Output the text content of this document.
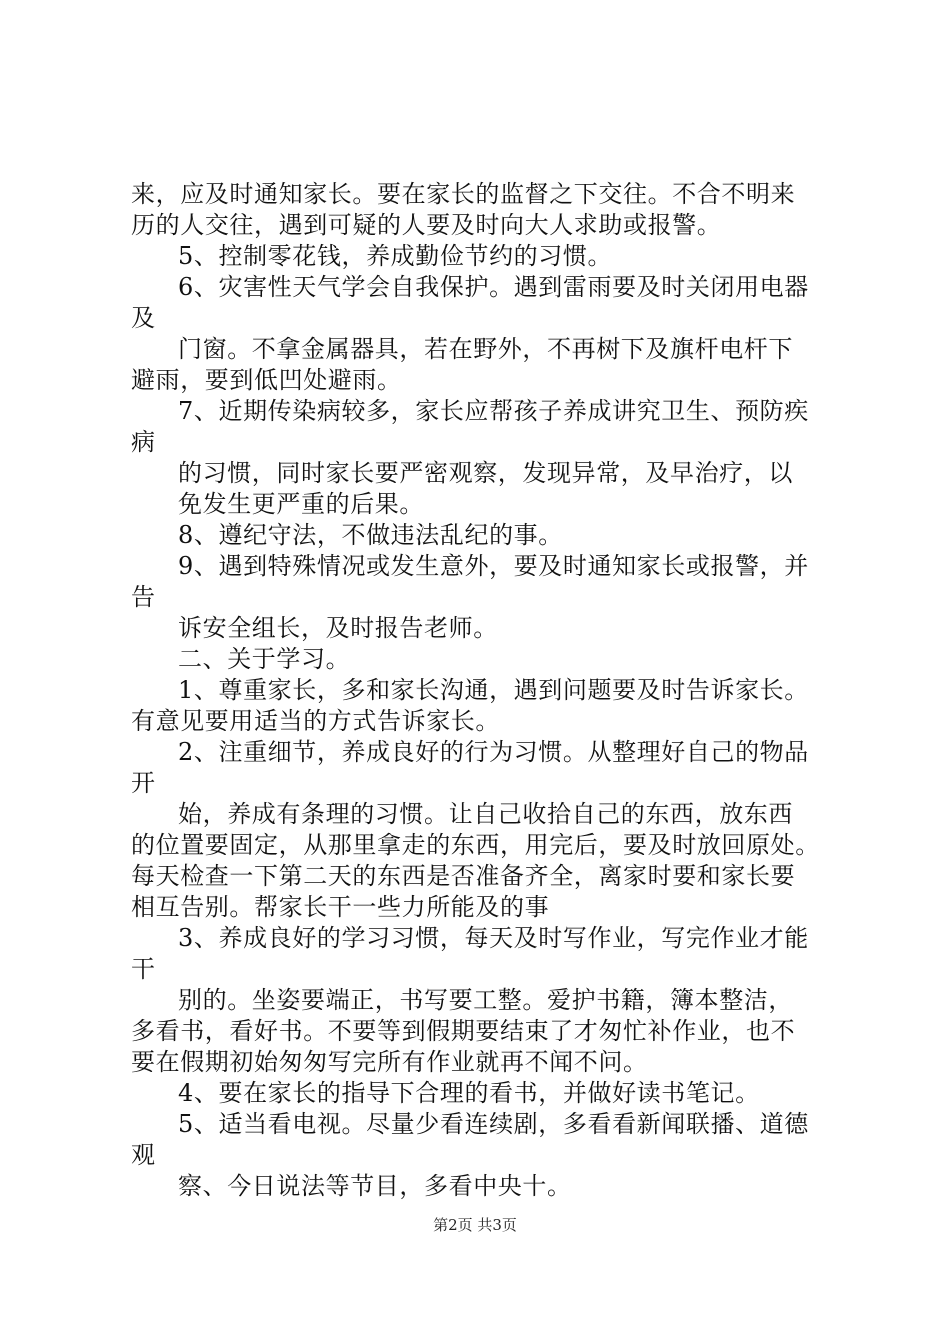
来，应及时通知家长。要在家长的监督之下交往。不合不明来
历的人交往，遇到可疑的人要及时向大人求助或报警。
5、控制零花钱，养成勤俭节约的习惯。
6、灾害性天气学会自我保护。遇到雷雨要及时关闭用电器
及
门窗。不拿金属器具，若在野外，不再树下及旗杆电杆下
避雨，要到低凹处避雨。
7、近期传染病较多，家长应帮孩子养成讲究卫生、预防疾
病
的习惯，同时家长要严密观察，发现异常，及早治疗，以
免发生更严重的后果。
8、遵纪守法，不做违法乱纪的事。
9、遇到特殊情况或发生意外，要及时通知家长或报警，并
告
诉安全组长，及时报告老师。
二、关于学习。
1、尊重家长，多和家长沟通，遇到问题要及时告诉家长。
有意见要用适当的方式告诉家长。
2、注重细节，养成良好的行为习惯。从整理好自己的物品
开
始，养成有条理的习惯。让自己收拾自己的东西，放东西
的位置要固定，从那里拿走的东西，用完后，要及时放回原处。
每天检查一下第二天的东西是否准备齐全，离家时要和家长要
相互告别。帮家长干一些力所能及的事
3、养成良好的学习习惯，每天及时写作业，写完作业才能
干
别的。坐姿要端正，书写要工整。爱护书籍，簿本整洁，
多看书，看好书。不要等到假期要结束了才匆忙补作业，也不
要在假期初始匆匆写完所有作业就再不闻不问。
4、要在家长的指导下合理的看书，并做好读书笔记。
5、适当看电视。尽量少看连续剧，多看看新闻联播、道德
观
察、今日说法等节目，多看中央十。
第2页 共3页
